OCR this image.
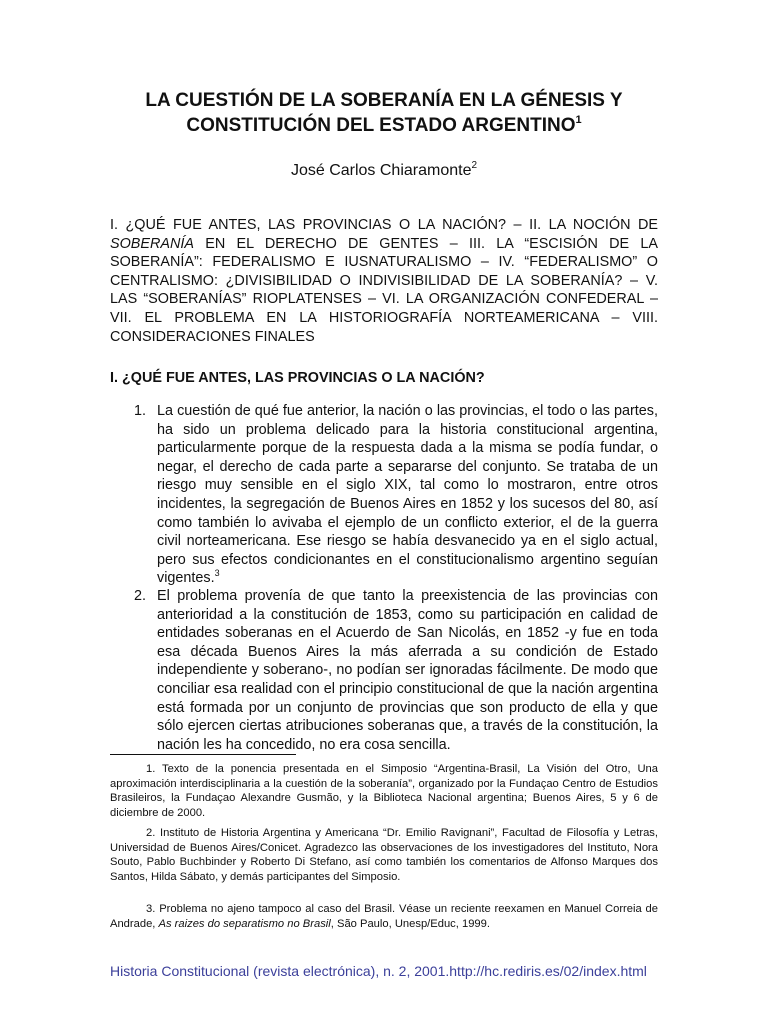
LA CUESTIÓN DE LA SOBERANÍA EN LA GÉNESIS Y
CONSTITUCIÓN DEL ESTADO ARGENTINO$^1$
José Carlos Chiaramonte$^2$
I. ¿QUÉ FUE ANTES, LAS PROVINCIAS O LA NACIÓN? – II. LA NOCIÓN DE SOBERANÍA EN EL DERECHO DE GENTES – III. LA “ESCISIÓN DE LA SOBERANÍA”: FEDERALISMO E IUSNATURALISMO – IV. “FEDERALISMO” O CENTRALISMO: ¿DIVISIBILIDAD O INDIVISIBILIDAD DE LA SOBERANÍA? – V. LAS “SOBERANÍAS” RIOPLATENSES – VI. LA ORGANIZACIÓN CONFEDERAL – VII. EL PROBLEMA EN LA HISTORIOGRAFÍA NORTEAMERICANA – VIII. CONSIDERACIONES FINALES
I. ¿QUÉ FUE ANTES, LAS PROVINCIAS O LA NACIÓN?
1. La cuestión de qué fue anterior, la nación o las provincias, el todo o las partes, ha sido un problema delicado para la historia constitucional argentina, particularmente porque de la respuesta dada a la misma se podía fundar, o negar, el derecho de cada parte a separarse del conjunto. Se trataba de un riesgo muy sensible en el siglo XIX, tal como lo mostraron, entre otros incidentes, la segregación de Buenos Aires en 1852 y los sucesos del 80, así como también lo avivaba el ejemplo de un conflicto exterior, el de la guerra civil norteamericana. Ese riesgo se había desvanecido ya en el siglo actual, pero sus efectos condicionantes en el constitucionalismo argentino seguían vigentes.$^3$
2. El problema provenía de que tanto la preexistencia de las provincias con anterioridad a la constitución de 1853, como su participación en calidad de entidades soberanas en el Acuerdo de San Nicolás, en 1852 -y fue en toda esa década Buenos Aires la más aferrada a su condición de Estado independiente y soberano-, no podían ser ignoradas fácilmente. De modo que conciliar esa realidad con el principio constitucional de que la nación argentina está formada por un conjunto de provincias que son producto de ella y que sólo ejercen ciertas atribuciones soberanas que, a través de la constitución, la nación les ha concedido, no era cosa sencilla.
1. Texto de la ponencia presentada en el Simposio “Argentina-Brasil, La Visión del Otro, Una aproximación interdisciplinaria a la cuestión de la soberanía”, organizado por la Fundaçao Centro de Estudios Brasileiros, la Fundaçao Alexandre Gusmão, y la Biblioteca Nacional argentina; Buenos Aires, 5 y 6 de diciembre de 2000.
2. Instituto de Historia Argentina y Americana “Dr. Emilio Ravignani”, Facultad de Filosofía y Letras, Universidad de Buenos Aires/Conicet. Agradezco las observaciones de los investigadores del Instituto, Nora Souto, Pablo Buchbinder y Roberto Di Stefano, así como también los comentarios de Alfonso Marques dos Santos, Hilda Sábato, y demás participantes del Simposio.
3. Problema no ajeno tampoco al caso del Brasil. Véase un reciente reexamen en Manuel Correia de Andrade, As raizes do separatismo no Brasil, São Paulo, Unesp/Educ, 1999.
Historia Constitucional (revista electrónica), n. 2, 2001.http://hc.rediris.es/02/index.html
